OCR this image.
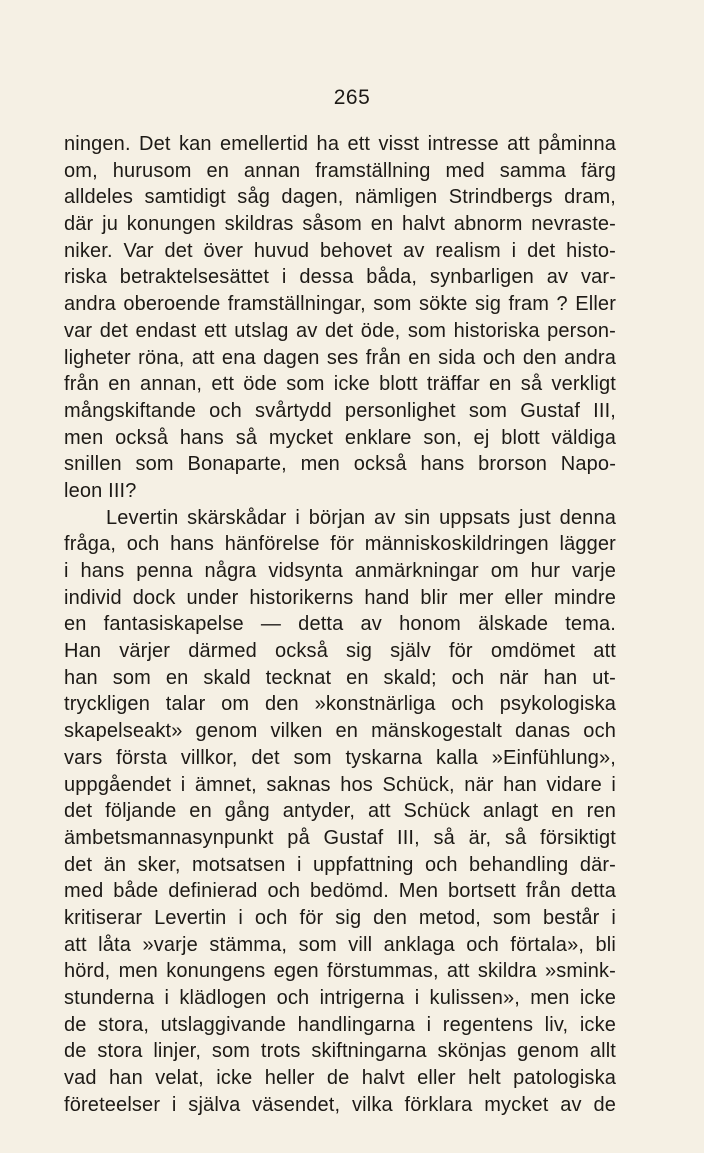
265
ningen. Det kan emellertid ha ett visst intresse att påminna
om, hurusom en annan framställning med samma färg
alldeles samtidigt såg dagen, nämligen Strindbergs dram,
där ju konungen skildras såsom en halvt abnorm nevraste-
niker. Var det över huvud behovet av realism i det histo-
riska betraktelsesättet i dessa båda, synbarligen av var-
andra oberoende framställningar, som sökte sig fram ? Eller
var det endast ett utslag av det öde, som historiska person-
ligheter röna, att ena dagen ses från en sida och den andra
från en annan, ett öde som icke blott träffar en så verkligt
mångskiftande och svårtydd personlighet som Gustaf III,
men också hans så mycket enklare son, ej blott väldiga
snillen som Bonaparte, men också hans brorson Napo-
leon III?
Levertin skärskådar i början av sin uppsats just denna
fråga, och hans hänförelse för människoskildringen lägger
i hans penna några vidsynta anmärkningar om hur varje
individ dock under historikerns hand blir mer eller mindre
en fantasiskapelse — detta av honom älskade tema.
Han värjer därmed också sig själv för omdömet att
han som en skald tecknat en skald; och när han ut-
tryckligen talar om den »konstnärliga och psykologiska
skapelseakt» genom vilken en mänskogestalt danas och
vars första villkor, det som tyskarna kalla »Einfühlung»,
uppgåendet i ämnet, saknas hos Schück, när han vidare i
det följande en gång antyder, att Schück anlagt en ren
ämbetsmannasynpunkt på Gustaf III, så är, så försiktigt
det än sker, motsatsen i uppfattning och behandling där-
med både definierad och bedömd. Men bortsett från detta
kritiserar Levertin i och för sig den metod, som består i
att låta »varje stämma, som vill anklaga och förtala», bli
hörd, men konungens egen förstummas, att skildra »smink-
stunderna i klädlogen och intrigerna i kulissen», men icke
de stora, utslaggivande handlingarna i regentens liv, icke
de stora linjer, som trots skiftningarna skönjas genom allt
vad han velat, icke heller de halvt eller helt patologiska
företeelser i själva väsendet, vilka förklara mycket av de
